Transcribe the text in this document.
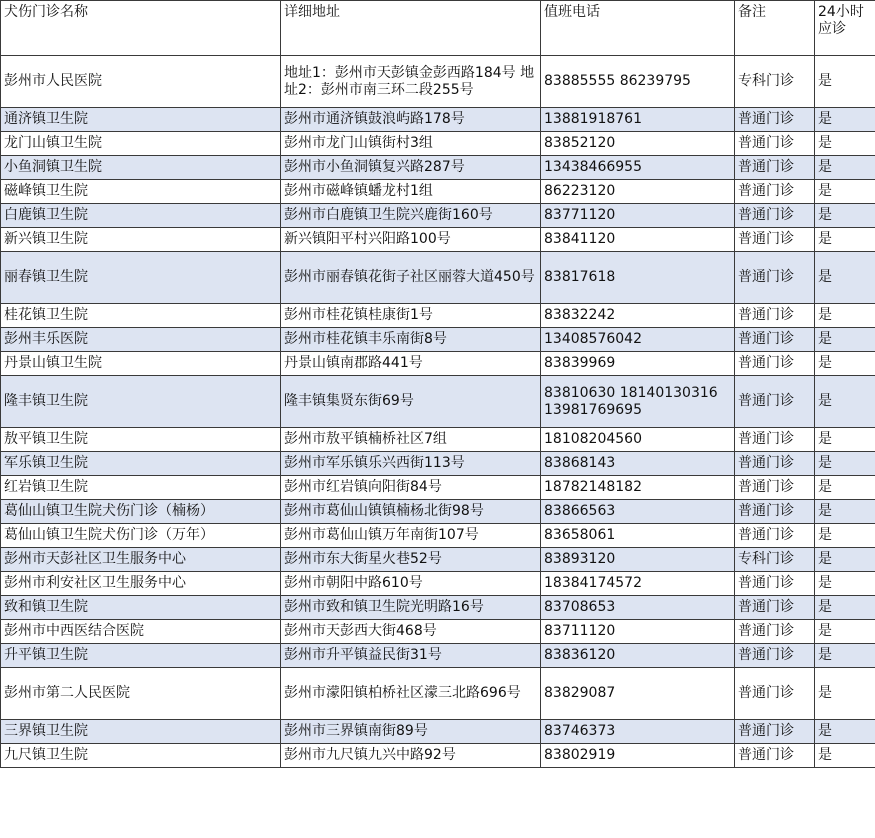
犬伤门诊名称	详细地址	值班电话	备注	24小时应诊
彭州市人民医院	地址1：彭州市天彭镇金彭西路184号 地址2：彭州市南三环二段255号	83885555 86239795	专科门诊	是
通济镇卫生院	彭州市通济镇鼓浪屿路178号	13881918761	普通门诊	是
龙门山镇卫生院	彭州市龙门山镇街村3组	83852120	普通门诊	是
小鱼洞镇卫生院	彭州市小鱼洞镇复兴路287号	13438466955	普通门诊	是
磁峰镇卫生院	彭州市磁峰镇蟠龙村1组	86223120	普通门诊	是
白鹿镇卫生院	彭州市白鹿镇卫生院兴鹿街160号	83771120	普通门诊	是
新兴镇卫生院	新兴镇阳平村兴阳路100号	83841120	普通门诊	是
丽春镇卫生院	彭州市丽春镇花街子社区丽蓉大道450号	83817618	普通门诊	是
桂花镇卫生院	彭州市桂花镇桂康街1号	83832242	普通门诊	是
彭州丰乐医院	彭州市桂花镇丰乐南街8号	13408576042	普通门诊	是
丹景山镇卫生院	丹景山镇南郡路441号	83839969	普通门诊	是
隆丰镇卫生院	隆丰镇集贤东街69号	83810630 18140130316 13981769695	普通门诊	是
敖平镇卫生院	彭州市敖平镇楠桥社区7组	18108204560	普通门诊	是
军乐镇卫生院	彭州市军乐镇乐兴西街113号	83868143	普通门诊	是
红岩镇卫生院	彭州市红岩镇向阳街84号	18782148182	普通门诊	是
葛仙山镇卫生院犬伤门诊（楠杨）	彭州市葛仙山镇镇楠杨北街98号	83866563	普通门诊	是
葛仙山镇卫生院犬伤门诊（万年）	彭州市葛仙山镇万年南街107号	83658061	普通门诊	是
彭州市天彭社区卫生服务中心	彭州市东大街星火巷52号	83893120	专科门诊	是
彭州市利安社区卫生服务中心	彭州市朝阳中路610号	18384174572	普通门诊	是
致和镇卫生院	彭州市致和镇卫生院光明路16号	83708653	普通门诊	是
彭州市中西医结合医院	彭州市天彭西大街468号	83711120	普通门诊	是
升平镇卫生院	彭州市升平镇益民街31号	83836120	普通门诊	是
彭州市第二人民医院	彭州市濛阳镇柏桥社区濛三北路696号	83829087	普通门诊	是
三界镇卫生院	彭州市三界镇南街89号	83746373	普通门诊	是
九尺镇卫生院	彭州市九尺镇九兴中路92号	83802919	普通门诊	是
